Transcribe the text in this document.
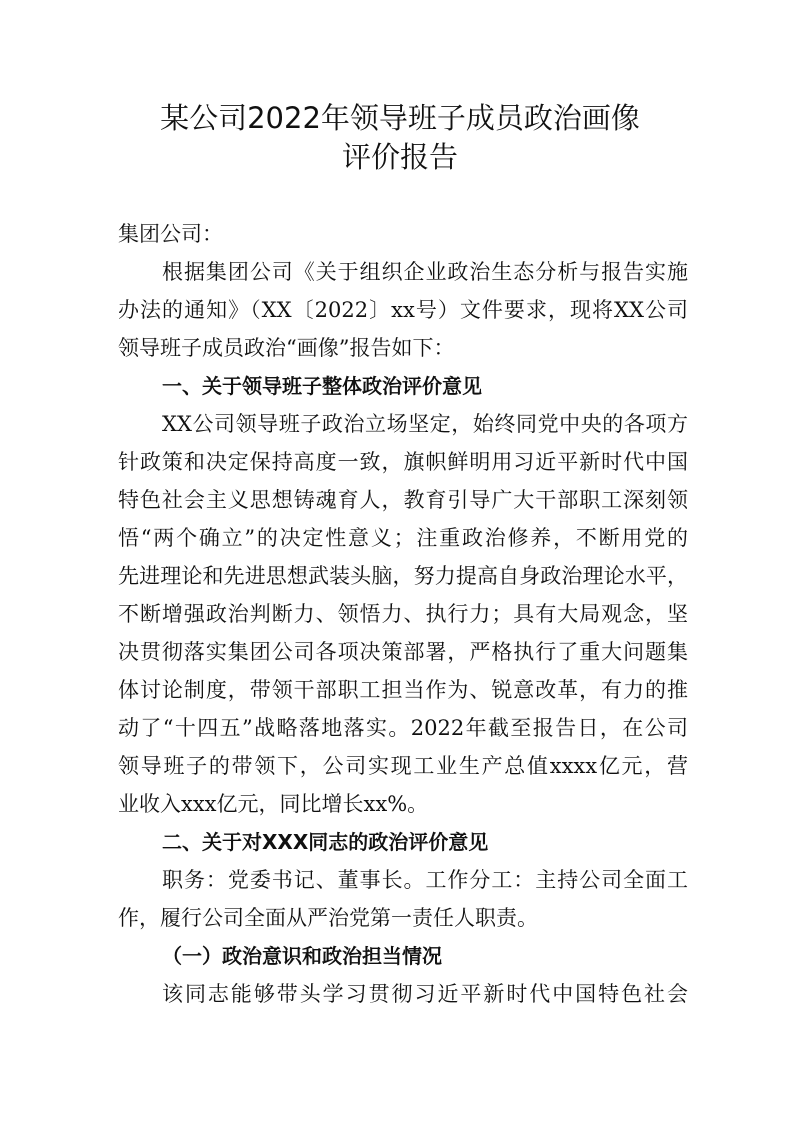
某公司2022年领导班子成员政治画像
评价报告
集团公司：
根据集团公司《关于组织企业政治生态分析与报告实施
办法的通知》（XX〔2022〕xx号）文件要求，现将XX公司
领导班子成员政治“画像”报告如下：
一、关于领导班子整体政治评价意见
XX公司领导班子政治立场坚定，始终同党中央的各项方
针政策和决定保持高度一致，旗帜鲜明用习近平新时代中国
特色社会主义思想铸魂育人，教育引导广大干部职工深刻领
悟“两个确立”的决定性意义；注重政治修养，不断用党的
先进理论和先进思想武装头脑，努力提高自身政治理论水平，
不断增强政治判断力、领悟力、执行力；具有大局观念，坚
决贯彻落实集团公司各项决策部署，严格执行了重大问题集
体讨论制度，带领干部职工担当作为、锐意改革，有力的推
动了“十四五”战略落地落实。2022年截至报告日，在公司
领导班子的带领下，公司实现工业生产总值xxxx亿元，营
业收入xxx亿元，同比增长xx%。
二、关于对XXX同志的政治评价意见
职务：党委书记、董事长。工作分工：主持公司全面工
作，履行公司全面从严治党第一责任人职责。
（一）政治意识和政治担当情况
该同志能够带头学习贯彻习近平新时代中国特色社会
